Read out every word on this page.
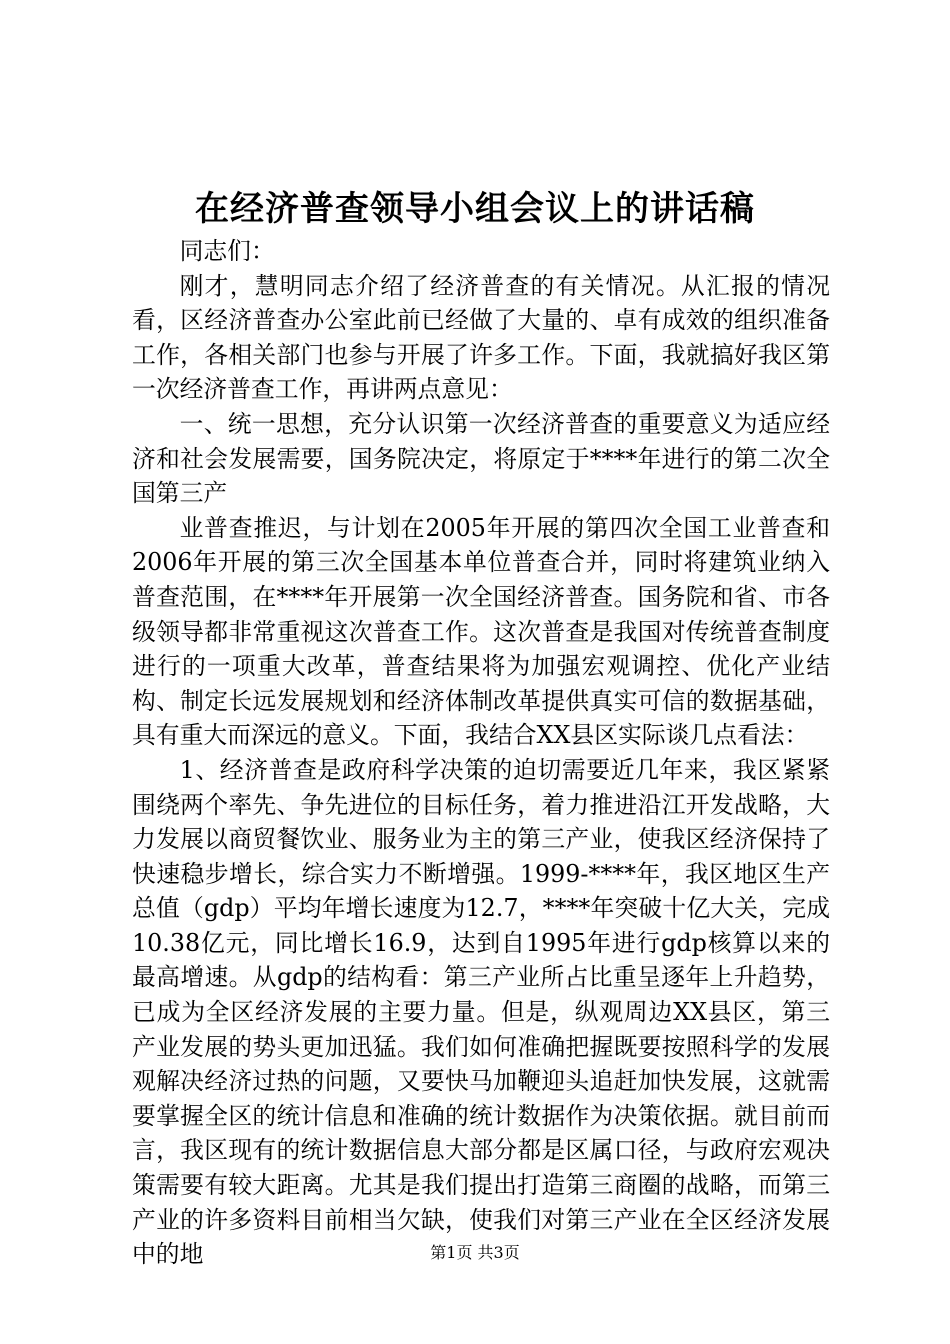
在经济普查领导小组会议上的讲话稿

同志们：

刚才，慧明同志介绍了经济普查的有关情况。从汇报的情况看，区经济普查办公室此前已经做了大量的、卓有成效的组织准备工作，各相关部门也参与开展了许多工作。下面，我就搞好我区第一次经济普查工作，再讲两点意见：

一、统一思想，充分认识第一次经济普查的重要意义为适应经济和社会发展需要，国务院决定，将原定于****年进行的第二次全国第三产

业普查推迟，与计划在2005年开展的第四次全国工业普查和2006年开展的第三次全国基本单位普查合并，同时将建筑业纳入普查范围，在****年开展第一次全国经济普查。国务院和省、市各级领导都非常重视这次普查工作。这次普查是我国对传统普查制度进行的一项重大改革，普查结果将为加强宏观调控、优化产业结构、制定长远发展规划和经济体制改革提供真实可信的数据基础，具有重大而深远的意义。下面，我结合XX县区实际谈几点看法：

1、经济普查是政府科学决策的迫切需要近几年来，我区紧紧围绕两个率先、争先进位的目标任务，着力推进沿江开发战略，大力发展以商贸餐饮业、服务业为主的第三产业，使我区经济保持了快速稳步增长，综合实力不断增强。1999-****年，我区地区生产总值（gdp）平均年增长速度为12.7，****年突破十亿大关，完成10.38亿元，同比增长16.9，达到自1995年进行gdp核算以来的最高增速。从gdp的结构看：第三产业所占比重呈逐年上升趋势，已成为全区经济发展的主要力量。但是，纵观周边XX县区，第三产业发展的势头更加迅猛。我们如何准确把握既要按照科学的发展观解决经济过热的问题，又要快马加鞭迎头追赶加快发展，这就需要掌握全区的统计信息和准确的统计数据作为决策依据。就目前而言，我区现有的统计数据信息大部分都是区属口径，与政府宏观决策需要有较大距离。尤其是我们提出打造第三商圈的战略，而第三产业的许多资料目前相当欠缺，使我们对第三产业在全区经济发展中的地	第1页 共3页
